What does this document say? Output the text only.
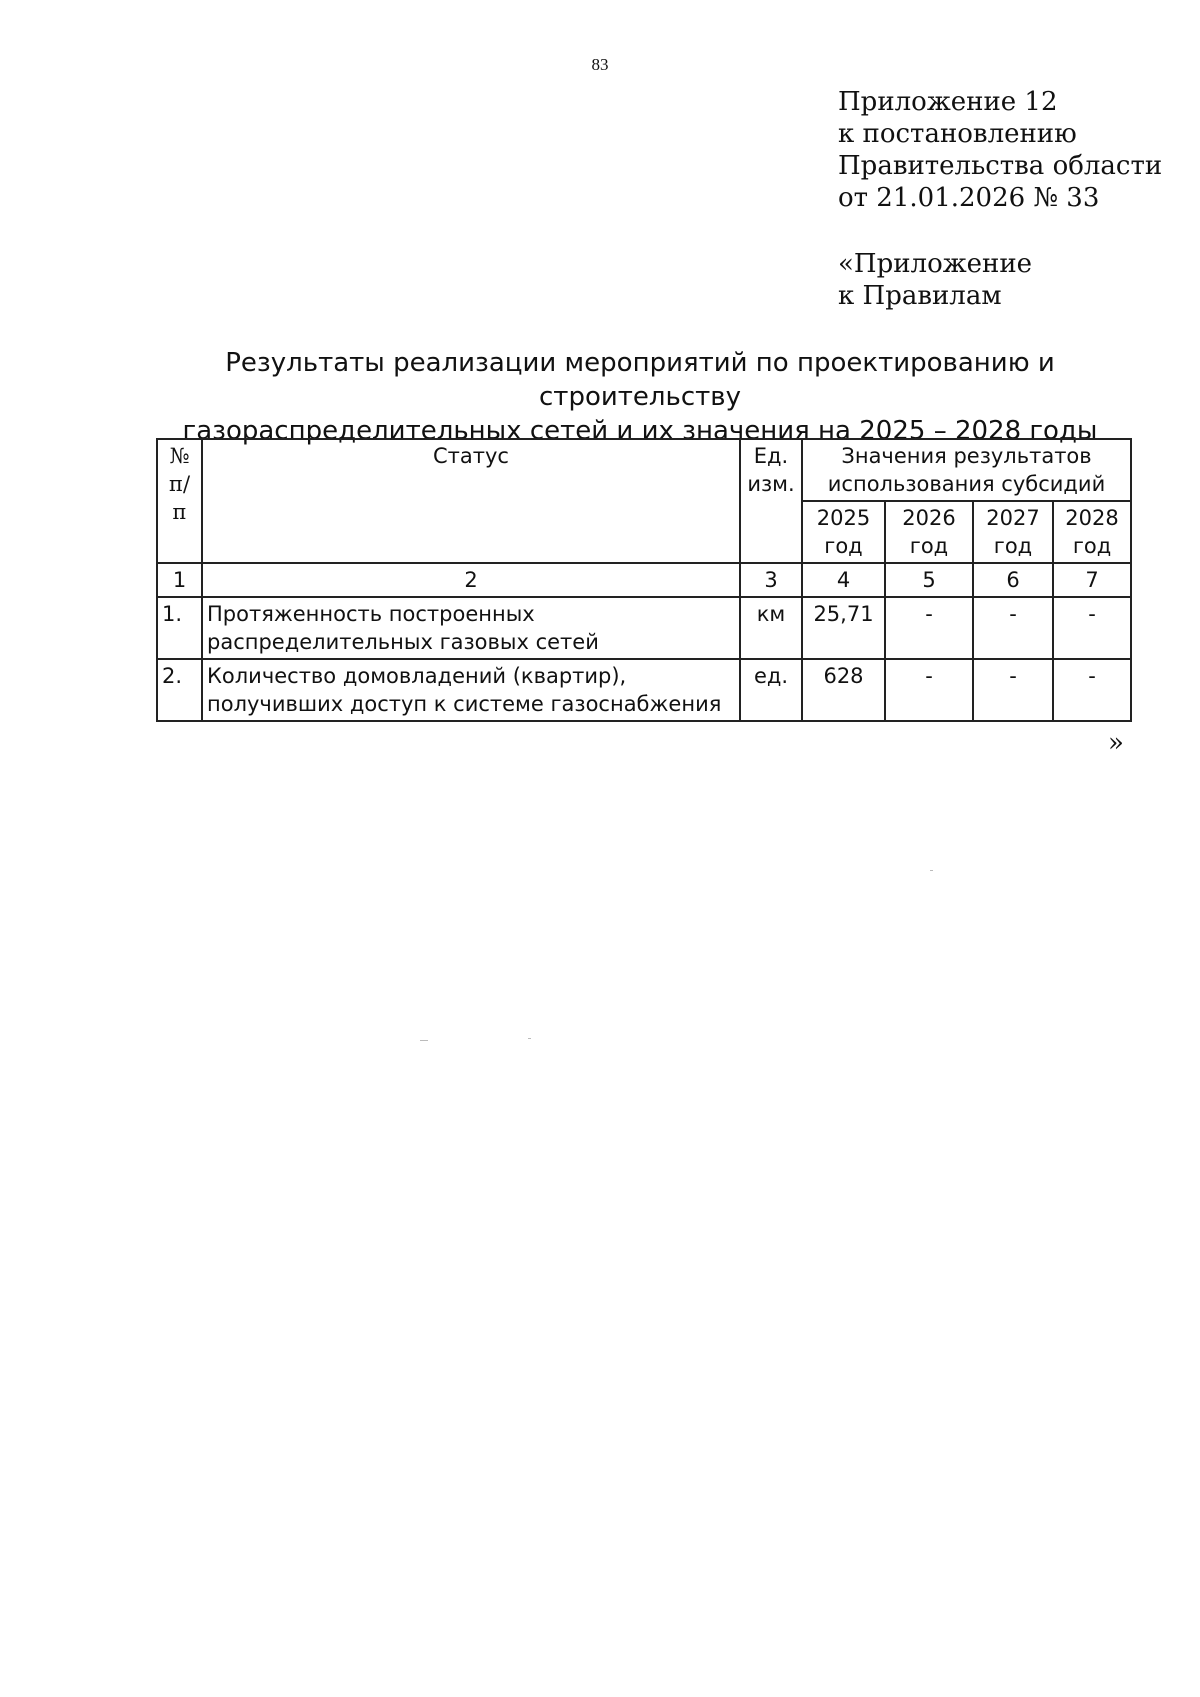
83
Приложение 12
к постановлению
Правительства области
от 21.01.2026 № 33
«Приложение
к Правилам
Результаты реализации мероприятий по проектированию и строительству
газораспределительных сетей и их значения на 2025 – 2028 годы
№ п/п	Статус	Ед. изм.	Значения результатов использования субсидий			
			2025 год	2026 год	2027 год	2028 год
1	2	3	4	5	6	7
1.	Протяженность построенных распределительных газовых сетей	км	25,71	-	-	-
2.	Количество домовладений (квартир), получивших доступ к системе газоснабжения	ед.	628	-	-	-
»
